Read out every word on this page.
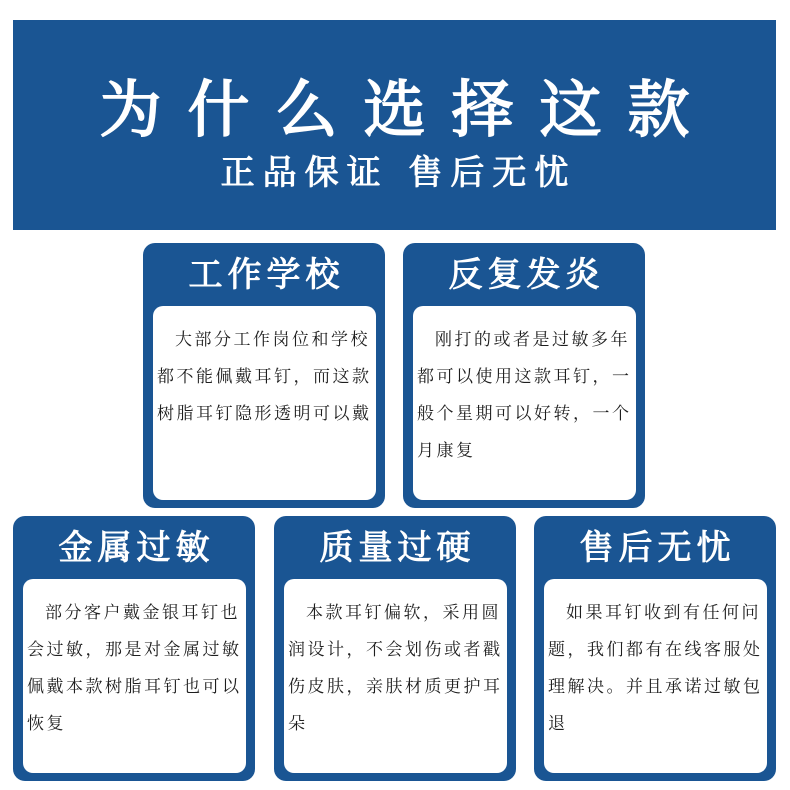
为什么选择这款
正品保证 售后无忧
工作学校
大部分工作岗位和学校
都不能佩戴耳钉，而这款
树脂耳钉隐形透明可以戴
反复发炎
刚打的或者是过敏多年
都可以使用这款耳钉，一
般个星期可以好转，一个
月康复
金属过敏
部分客户戴金银耳钉也
会过敏，那是对金属过敏
佩戴本款树脂耳钉也可以
恢复
质量过硬
本款耳钉偏软，采用圆
润设计，不会划伤或者戳
伤皮肤，亲肤材质更护耳
朵
售后无忧
如果耳钉收到有任何问
题，我们都有在线客服处
理解决。并且承诺过敏包
退
